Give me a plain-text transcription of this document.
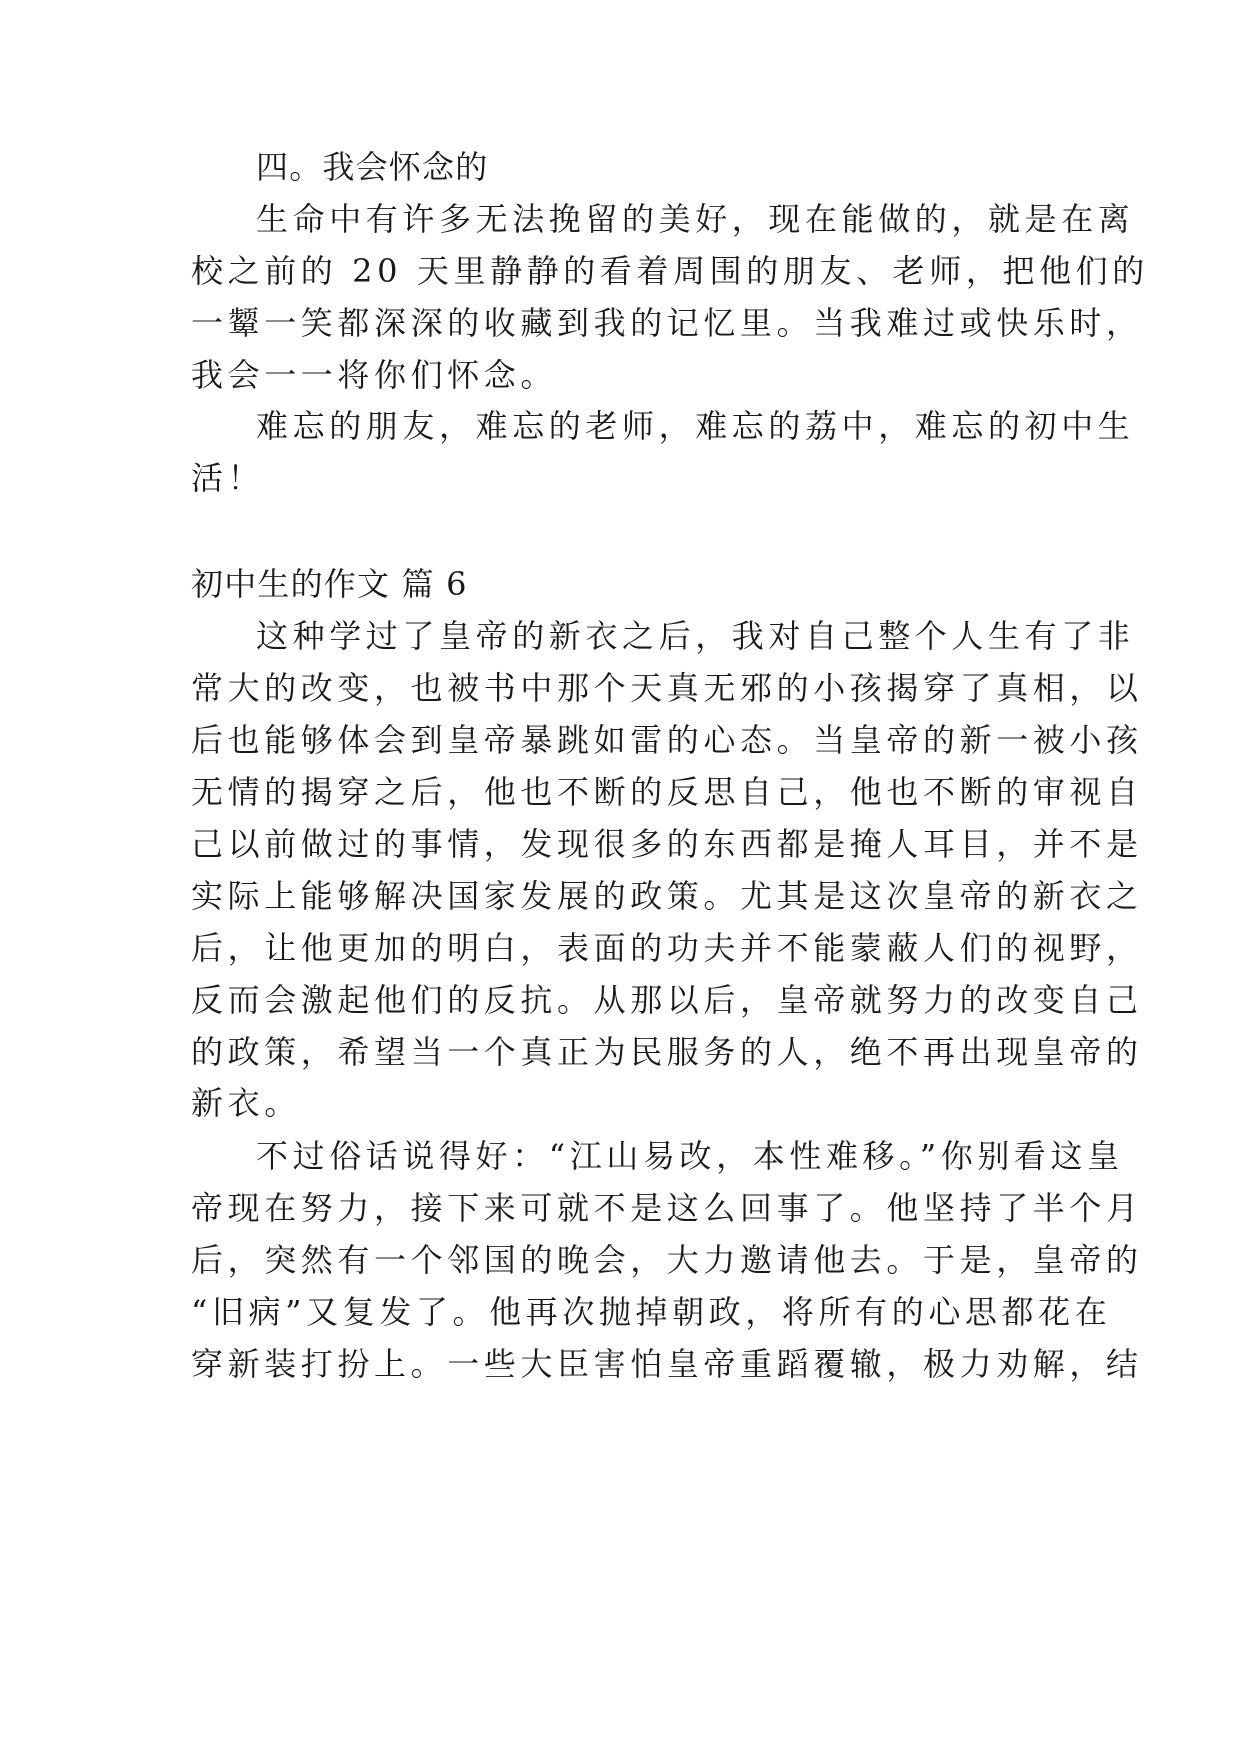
四。我会怀念的
生命中有许多无法挽留的美好，现在能做的，就是在离
校之前的 20 天里静静的看着周围的朋友、老师，把他们的
一颦一笑都深深的收藏到我的记忆里。当我难过或快乐时，
我会一一将你们怀念。
难忘的朋友，难忘的老师，难忘的荔中，难忘的初中生
活！
初中生的作文 篇 6
这种学过了皇帝的新衣之后，我对自己整个人生有了非
常大的改变，也被书中那个天真无邪的小孩揭穿了真相，以
后也能够体会到皇帝暴跳如雷的心态。当皇帝的新一被小孩
无情的揭穿之后，他也不断的反思自己，他也不断的审视自
己以前做过的事情，发现很多的东西都是掩人耳目，并不是
实际上能够解决国家发展的政策。尤其是这次皇帝的新衣之
后，让他更加的明白，表面的功夫并不能蒙蔽人们的视野，
反而会激起他们的反抗。从那以后，皇帝就努力的改变自己
的政策，希望当一个真正为民服务的人，绝不再出现皇帝的
新衣。
不过俗话说得好：“江山易改，本性难移。”你别看这皇
帝现在努力，接下来可就不是这么回事了。他坚持了半个月
后，突然有一个邻国的晚会，大力邀请他去。于是，皇帝的
“旧病”又复发了。他再次抛掉朝政，将所有的心思都花在
穿新装打扮上。一些大臣害怕皇帝重蹈覆辙，极力劝解，结
